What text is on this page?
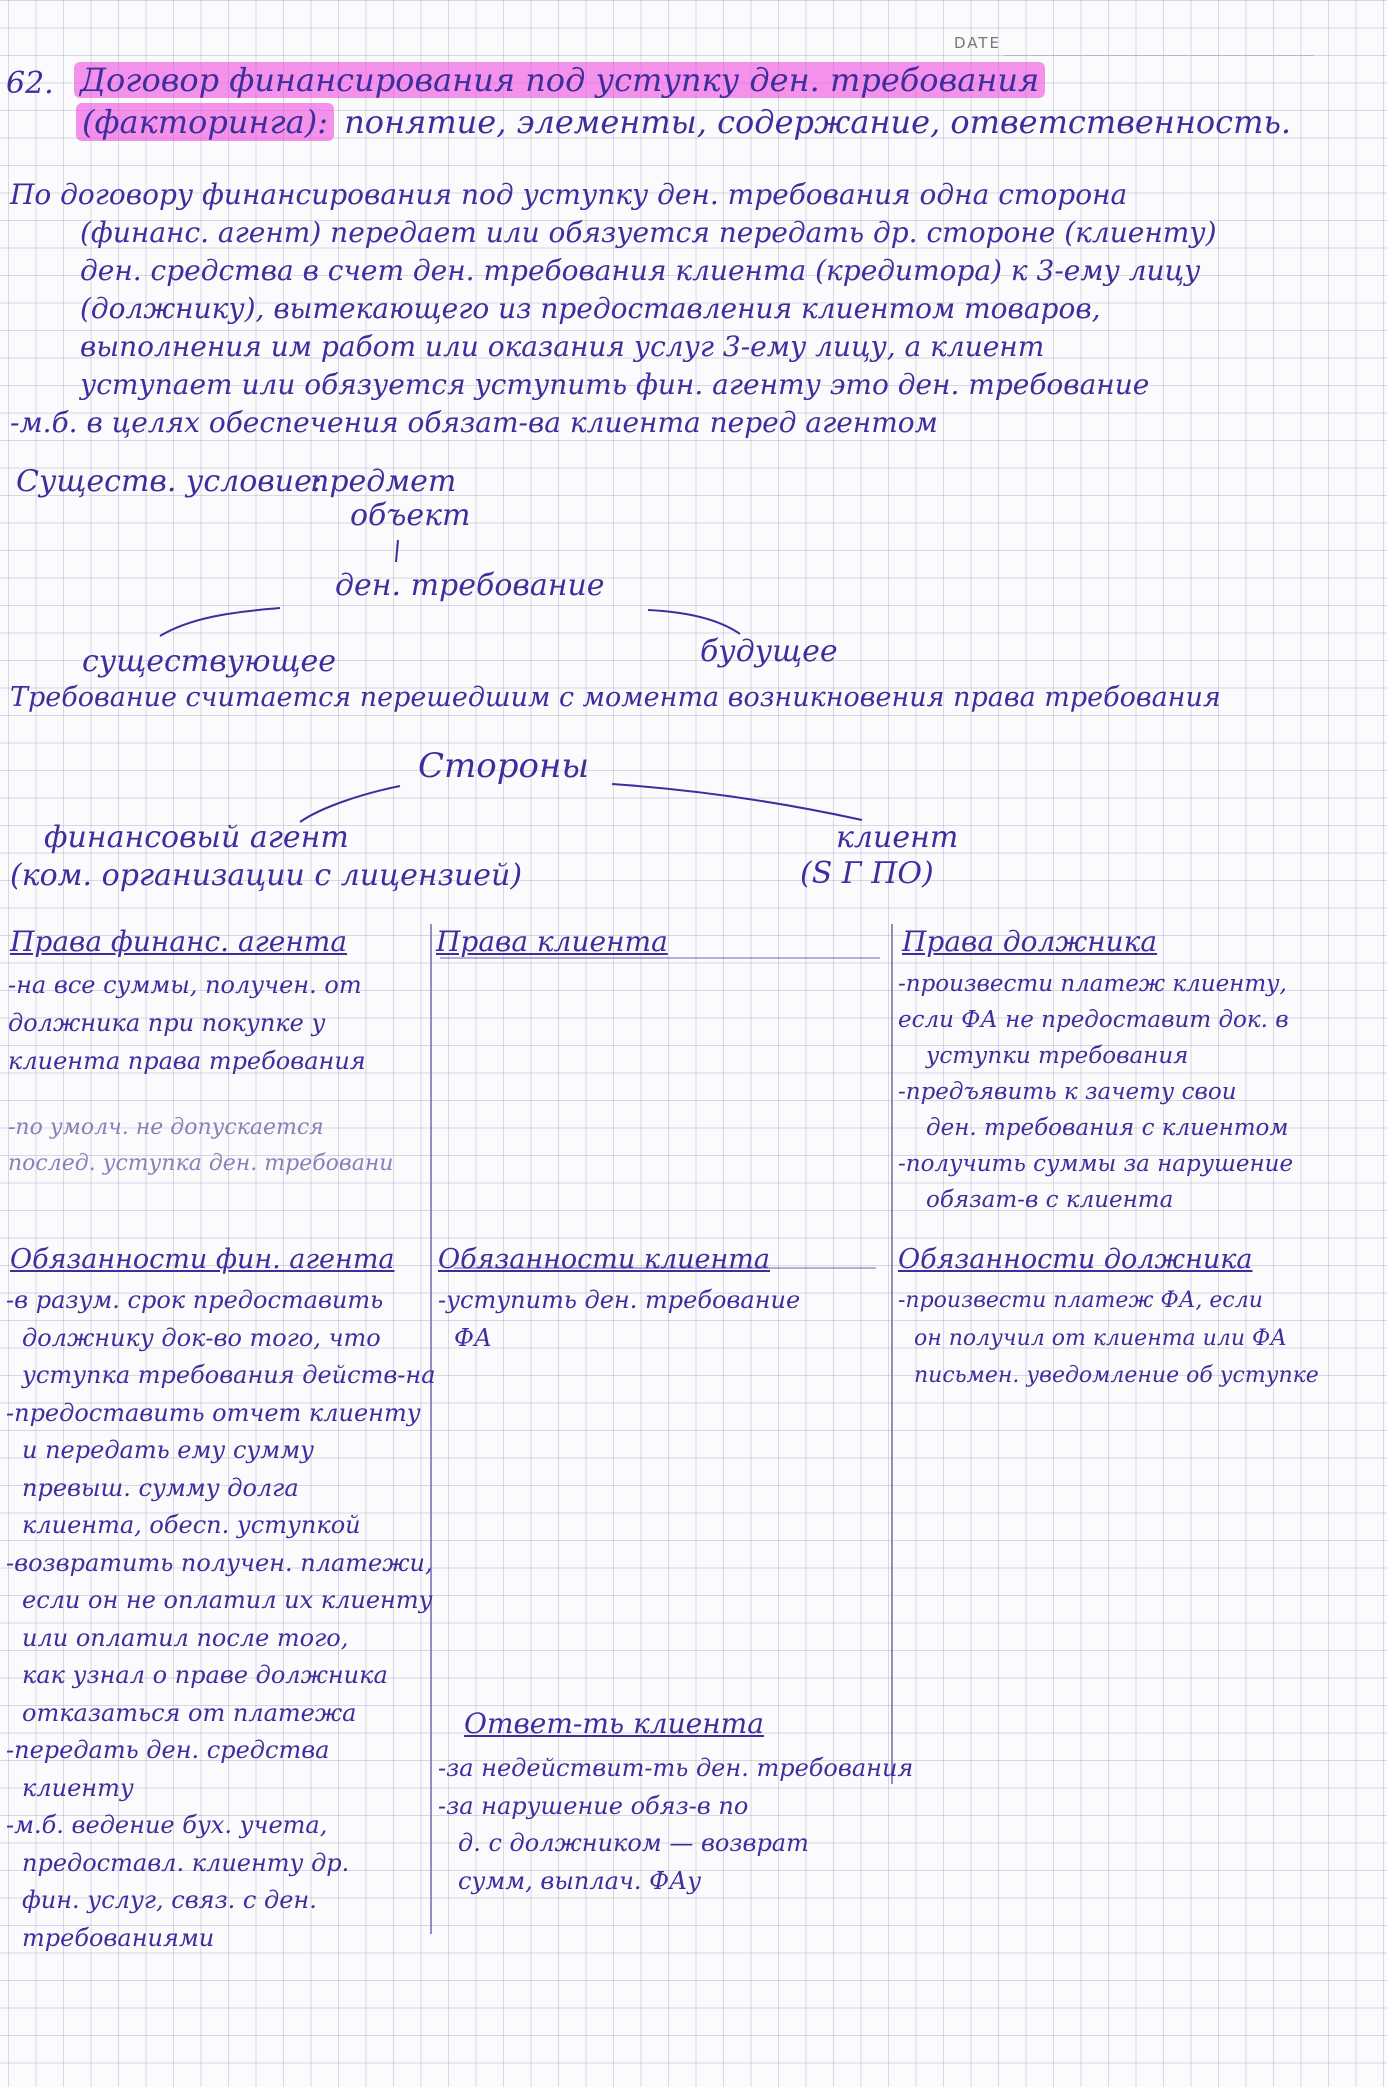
DATE
62. Договор финансирования под уступку ден. требования
(факторинга): понятие, элементы, содержание, ответственность.
По договору финансирования под уступку ден. требования одна сторона
(финанс. агент) передает или обязуется передать др. стороне (клиенту)
ден. средства в счет ден. требования клиента (кредитора) к 3-ему лицу
(должнику), вытекающего из предоставления клиентом товаров,
выполнения им работ или оказания услуг 3-ему лицу, а клиент
уступает или обязуется уступить фин. агенту это ден. требование
-м.б. в целях обеспечения обязат-ва клиента перед агентом
Существ. условие:
предмет
объект
ден. требование
существующее	будущее
Требование считается перешедшим с момента возникновения права требования
Стороны
финансовый агент
(ком. организации с лицензией)
клиент
(S Г ПО)
Права финанс. агента
-на все суммы, получен. от
должника при покупке у
клиента права требования
-по умолч. не допускается
послед. уступка ден. требовани
Права клиента	Права должника
-произвести платеж клиенту,
если ФА не предоставит док. в
уступки требования
-предъявить к зачету свои
ден. требования с клиентом
-получить суммы за нарушение
обязат-в с клиента
Обязанности фин. агента
-в разум. срок предоставить
должнику док-во того, что
уступка требования действ-на
-предоставить отчет клиенту
и передать ему сумму
превыш. сумму долга
клиента, обесп. уступкой
-возвратить получен. платежи,
если он не оплатил их клиенту
или оплатил после того,
как узнал о праве должника
отказаться от платежа
-передать ден. средства
клиенту
-м.б. ведение бух. учета,
предоставл. клиенту др.
фин. услуг, связ. с ден.
требованиями
Обязанности клиента
-уступить ден. требование
ФА
Обязанности должника
-произвести платеж ФА, если
он получил от клиента или ФА
письмен. уведомление об уступке
Ответ-ть клиента
-за недействит-ть ден. требования
-за нарушение обяз-в по
д. с должником — возврат
сумм, выплач. ФАу
